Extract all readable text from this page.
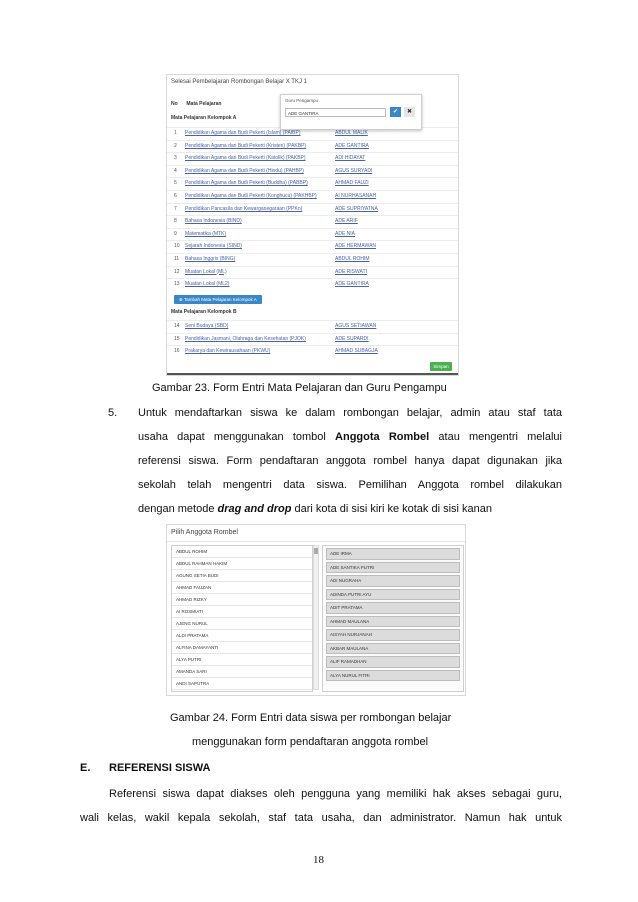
Selesai Pembelajaran Rombongan Belajar X TKJ 1
No Mata Pelajaran
Mata Pelajaran Kelompok A
1	Pendidikan Agama dan Budi Pekerti (Islam) (PAIBP)	ABDUL MALIK
2	Pendidikan Agama dan Budi Pekerti (Kristen) (PAKBP)	ADE GANTIRA
3	Pendidikan Agama dan Budi Pekerti (Katolik) (PAKBP)	ADI HIDAYAT
4	Pendidikan Agama dan Budi Pekerti (Hindu) (PAHBP)	AGUS SURYADI
5	Pendidikan Agama dan Budi Pekerti (Buddha) (PABBP)	AHMAD FAUZI
6	Pendidikan Agama dan Budi Pekerti (Konghucu) (PAKHBP)	AI NURHASANAH
7	Pendidikan Pancasila dan Kewarganegaraan (PPKn)	ADE SUPRIYATNA
8	Bahasa Indonesia (BIND)	ADE ARIF
9	Matematika (MTK)	ADE NIA
10	Sejarah Indonesia (SIND)	ADE HERMAWAN
11	Bahasa Inggris (BING)	ABDUL ROHIM
12	Muatan Lokal (ML)	ADE RISWATI
13	Muatan Lokal (ML2)	ADE GANTIRA
⊕ Tambah Mata Pelajaran Kelompok A
Mata Pelajaran Kelompok B
14	Seni Budaya (SBD)	AGUS SETIAWAN
15	Pendidikan Jasmani, Olahraga dan Kesehatan (PJOK)	ADE SUPARDI
16	Prakarya dan Kewirausahaan (PKWU)	AHMAD SUBAGJA
Simpan
Guru Pengampu
ADE GANTIRA	✔	✖
Gambar 23. Form Entri Mata Pelajaran dan Guru Pengampu
5. Untuk mendaftarkan siswa ke dalam rombongan belajar, admin atau staf tata
usaha dapat menggunakan tombol Anggota Rombel atau mengentri melalui
referensi siswa. Form pendaftaran anggota rombel hanya dapat digunakan jika
sekolah telah mengentri data siswa. Pemilihan Anggota rombel dilakukan
dengan metode drag and drop dari kota di sisi kiri ke kotak di sisi kanan
Pilih Anggota Rombel
ABDUL ROHIM
ABDUL RAHMAN HAKIM
AGUNG SETIA BUDI
AHMAD FAUZAN
AHMAD RIZKY
AI ROSMIATI
AJENG NURUL
ALDI PRATAMA
ALFINA DAMAYANTI
ALYA PUTRI
AMANDA SARI
ANDI SAPUTRA
ADE IRMA
ADE SANTIKA PUTRI
ADI NUGRAHA
ADINDA PUTRI AYU
ADIT PRATAMA
AHMAD MAULANA
AISYAH NURJANAH
AKBAR MAULANA
ALIF RAMADHAN
ALYA NURUL FITRI
Gambar 24. Form Entri data siswa per rombongan belajar
menggunakan form pendaftaran anggota rombel
E. REFERENSI SISWA
Referensi siswa dapat diakses oleh pengguna yang memiliki hak akses sebagai guru,
wali kelas, wakil kepala sekolah, staf tata usaha, dan administrator. Namun hak untuk
18
